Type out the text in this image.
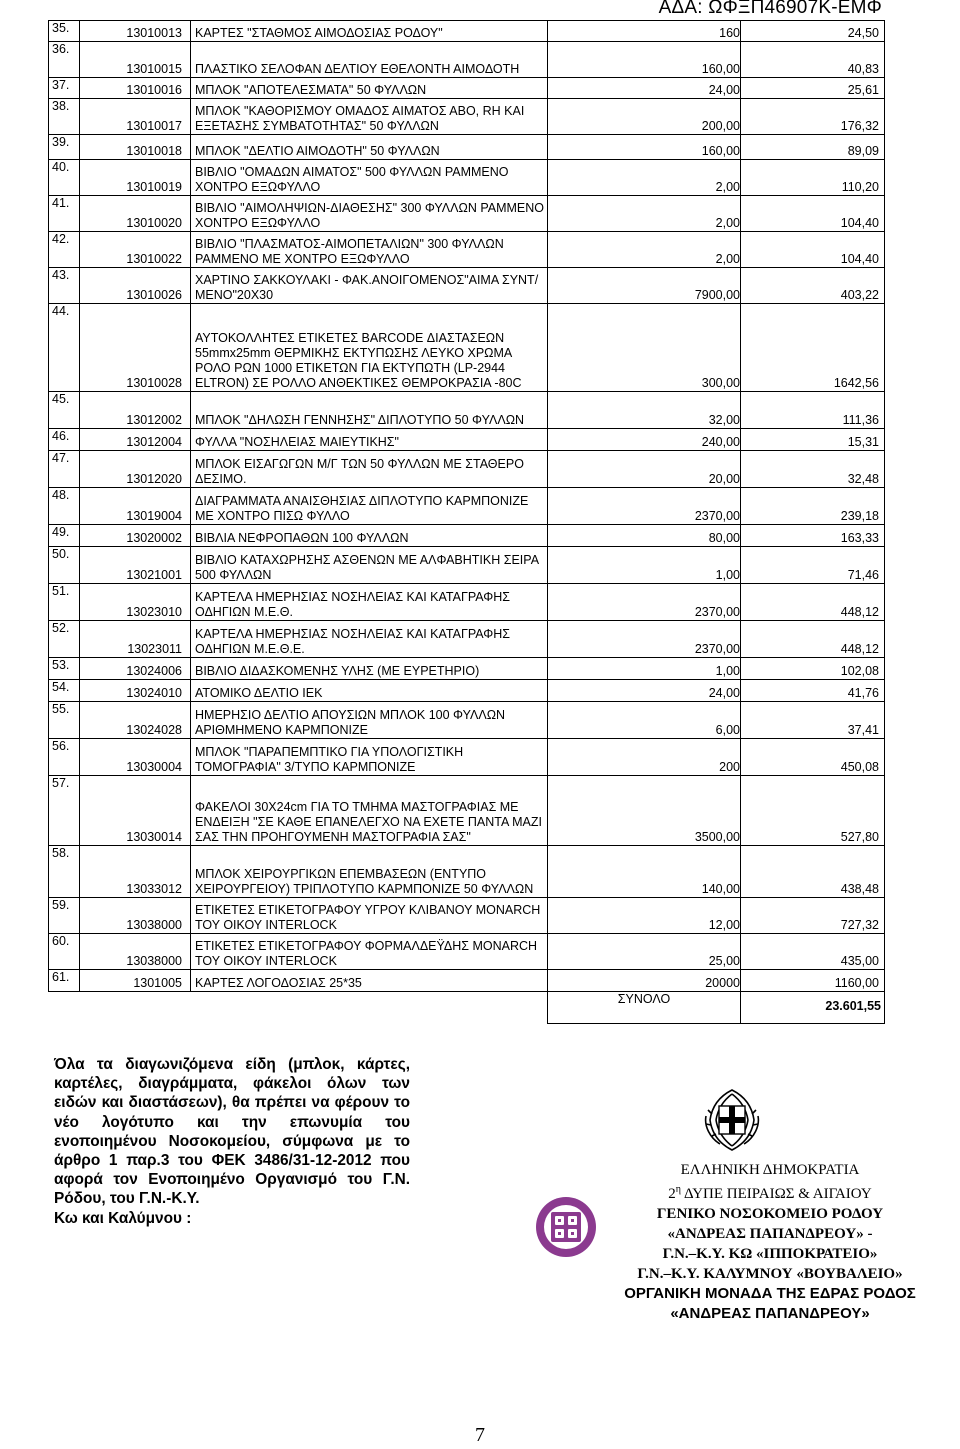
ΑΔΑ: ΩΦΞΠ46907Κ-ΕΜΦ
35.	13010013	ΚΑΡΤΕΣ "ΣΤΑΘΜΟΣ ΑΙΜΟΔΟΣΙΑΣ ΡΟΔΟΥ"	160	24,50
36.	13010015	ΠΛΑΣΤΙΚΟ ΣΕΛΟΦΑΝ ΔΕΛΤΙΟΥ ΕΘΕΛΟΝΤΗ ΑΙΜΟΔΟΤΗ	160,00	40,83
37.	13010016	ΜΠΛΟΚ "ΑΠΟΤΕΛΕΣΜΑΤΑ" 50 ΦΥΛΛΩΝ	24,00	25,61
38.	13010017	ΜΠΛΟΚ "ΚΑΘΟΡΙΣΜΟΥ ΟΜΑΔΟΣ ΑΙΜΑΤΟΣ ΑΒΟ, RH ΚΑΙ ΕΞΕΤΑΣΗΣ ΣΥΜΒΑΤΟΤΗΤΑΣ" 50 ΦΥΛΛΩΝ	200,00	176,32
39.	13010018	ΜΠΛΟΚ "ΔΕΛΤΙΟ ΑΙΜΟΔΟΤΗ" 50 ΦΥΛΛΩΝ	160,00	89,09
40.	13010019	ΒΙΒΛΙΟ "ΟΜΑΔΩΝ ΑΙΜΑΤΟΣ" 500 ΦΥΛΛΩΝ ΡΑΜΜΕΝΟ ΧΟΝΤΡΟ ΕΞΩΦΥΛΛΟ	2,00	110,20
41.	13010020	ΒΙΒΛΙΟ "ΑΙΜΟΛΗΨΙΩΝ-ΔΙΑΘΕΣΗΣ" 300 ΦΥΛΛΩΝ ΡΑΜΜΕΝΟ ΧΟΝΤΡΟ ΕΞΩΦΥΛΛΟ	2,00	104,40
42.	13010022	ΒΙΒΛΙΟ "ΠΛΑΣΜΑΤΟΣ-ΑΙΜΟΠΕΤΑΛΙΩΝ" 300 ΦΥΛΛΩΝ ΡΑΜΜΕΝΟ ΜΕ ΧΟΝΤΡΟ ΕΞΩΦΥΛΛΟ	2,00	104,40
43.	13010026	ΧΑΡΤΙΝΟ ΣΑΚΚΟΥΛΑΚΙ - ΦΑΚ.ΑΝΟΙΓΟΜΕΝΟΣ"ΑΙΜΑ ΣΥΝΤ/ΜΕΝΟ"20Χ30	7900,00	403,22
44.	13010028	ΑΥΤΟΚΟΛΛΗΤΕΣ ΕΤΙΚΕΤΕΣ BARCODE ΔΙΑΣΤΑΣΕΩΝ 55mmx25mm ΘΕΡΜΙΚΗΣ ΕΚΤΥΠΩΣΗΣ ΛΕΥΚΟ ΧΡΩΜΑ ΡΟΛΟ ΡΩΝ 1000 ΕΤΙΚΕΤΩΝ ΓΙΑ ΕΚΤΥΠΩΤΗ (LP-2944 ELTRON) ΣΕ ΡΟΛΛΟ ΑΝΘΕΚΤΙΚΕΣ ΘΕΜΡΟΚΡΑΣΙΑ -80C	300,00	1642,56
45.	13012002	ΜΠΛΟΚ "ΔΗΛΩΣΗ ΓΕΝΝΗΣΗΣ" ΔΙΠΛΟΤΥΠΟ 50 ΦΥΛΛΩΝ	32,00	111,36
46.	13012004	ΦΥΛΛΑ "ΝΟΣΗΛΕΙΑΣ ΜΑΙΕΥΤΙΚΗΣ"	240,00	15,31
47.	13012020	ΜΠΛΟΚ ΕΙΣΑΓΩΓΩΝ Μ/Γ ΤΩΝ 50 ΦΥΛΛΩΝ ΜΕ ΣΤΑΘΕΡΟ ΔΕΣΙΜΟ.	20,00	32,48
48.	13019004	ΔΙΑΓΡΑΜΜΑΤΑ ΑΝΑΙΣΘΗΣΙΑΣ ΔΙΠΛΟΤΥΠΟ ΚΑΡΜΠΟΝΙΖΕ ΜΕ ΧΟΝΤΡΟ ΠΙΣΩ ΦΥΛΛΟ	2370,00	239,18
49.	13020002	ΒΙΒΛΙΑ ΝΕΦΡΟΠΑΘΩΝ 100 ΦΥΛΛΩΝ	80,00	163,33
50.	13021001	ΒΙΒΛΙΟ ΚΑΤΑΧΩΡΗΣΗΣ ΑΣΘΕΝΩΝ ΜΕ ΑΛΦΑΒΗΤΙΚΗ ΣΕΙΡΑ 500 ΦΥΛΛΩΝ	1,00	71,46
51.	13023010	ΚΑΡΤΕΛΑ ΗΜΕΡΗΣΙΑΣ ΝΟΣΗΛΕΙΑΣ ΚΑΙ ΚΑΤΑΓΡΑΦΗΣ ΟΔΗΓΙΩΝ Μ.Ε.Θ.	2370,00	448,12
52.	13023011	ΚΑΡΤΕΛΑ ΗΜΕΡΗΣΙΑΣ ΝΟΣΗΛΕΙΑΣ ΚΑΙ ΚΑΤΑΓΡΑΦΗΣ ΟΔΗΓΙΩΝ Μ.Ε.Θ.Ε.	2370,00	448,12
53.	13024006	ΒΙΒΛΙΟ ΔΙΔΑΣΚΟΜΕΝΗΣ ΥΛΗΣ (ΜΕ ΕΥΡΕΤΗΡΙΟ)	1,00	102,08
54.	13024010	ΑΤΟΜΙΚΟ ΔΕΛΤΙΟ ΙΕΚ	24,00	41,76
55.	13024028	ΗΜΕΡΗΣΙΟ ΔΕΛΤΙΟ ΑΠΟΥΣΙΩΝ ΜΠΛΟΚ 100 ΦΥΛΛΩΝ ΑΡΙΘΜΗΜΕΝΟ ΚΑΡΜΠΟΝΙΖΕ	6,00	37,41
56.	13030004	ΜΠΛΟΚ "ΠΑΡΑΠΕΜΠΤΙΚΟ ΓΙΑ ΥΠΟΛΟΓΙΣΤΙΚΗ ΤΟΜΟΓΡΑΦΙΑ" 3/ΤΥΠΟ ΚΑΡΜΠΟΝΙΖΕ	200	450,08
57.	13030014	ΦΑΚΕΛΟΙ 30Χ24cm ΓΙΑ ΤΟ ΤΜΗΜΑ ΜΑΣΤΟΓΡΑΦΙΑΣ ΜΕ ΕΝΔΕΙΞΗ "ΣΕ ΚΑΘΕ ΕΠΑΝΕΛΕΓΧΟ ΝΑ ΕΧΕΤΕ ΠΑΝΤΑ ΜΑΖΙ ΣΑΣ ΤΗΝ ΠΡΟΗΓΟΥΜΕΝΗ ΜΑΣΤΟΓΡΑΦΙΑ ΣΑΣ"	3500,00	527,80
58.	13033012	ΜΠΛΟΚ ΧΕΙΡΟΥΡΓΙΚΩΝ ΕΠΕΜΒΑΣΕΩΝ (ΕΝΤΥΠΟ ΧΕΙΡΟΥΡΓΕΙΟΥ) ΤΡΙΠΛΟΤΥΠΟ ΚΑΡΜΠΟΝΙΖΕ 50 ΦΥΛΛΩΝ	140,00	438,48
59.	13038000	ΕΤΙΚΕΤΕΣ ΕΤΙΚΕΤΟΓΡΑΦΟΥ ΥΓΡΟΥ ΚΛΙΒΑΝΟΥ MONARCH ΤΟΥ ΟΙΚΟΥ INTERLOCK	12,00	727,32
60.	13038000	ΕΤΙΚΕΤΕΣ ΕΤΙΚΕΤΟΓΡΑΦΟΥ ΦΟΡΜΑΛΔΕΫΔΗΣ MONARCH ΤΟΥ ΟΙΚΟΥ INTERLOCK	25,00	435,00
61.	1301005	ΚΑΡΤΕΣ ΛΟΓΟΔΟΣΙΑΣ 25*35	20000	1160,00
			ΣΥΝΟΛΟ	23.601,55
Όλα τα διαγωνιζόμενα είδη (μπλοκ, κάρτες, καρτέλες, διαγράμματα, φάκελοι όλων των ειδών και διαστάσεων), θα πρέπει να φέρουν το νέο λογότυπο και την επωνυμία του ενοποιημένου Νοσοκομείου, σύμφωνα με το άρθρο 1 παρ.3 του ΦΕΚ 3486/31-12-2012 που αφορά τον Ενοποιημένο Οργανισμό του Γ.Ν. Ρόδου, του Γ.Ν.-Κ.Υ.
Κω και Καλύμνου :
ΕΛΛΗΝΙΚΗ ΔΗΜΟΚΡΑΤΙΑ
$2^\eta$ ΔΥΠΕ ΠΕΙΡΑΙΩΣ & ΑΙΓΑΙΟΥ
ΓΕΝΙΚΟ ΝΟΣΟΚΟΜΕΙΟ ΡΟΔΟΥ
«ΑΝΔΡΕΑΣ ΠΑΠΑΝΔΡΕΟΥ» -
Γ.Ν.–Κ.Υ. ΚΩ «ΙΠΠΟΚΡΑΤΕΙΟ»
Γ.Ν.–Κ.Υ. ΚΑΛΥΜΝΟΥ «ΒΟΥΒΑΛΕΙΟ»
ΟΡΓΑΝΙΚΗ ΜΟΝΑΔΑ ΤΗΣ ΕΔΡΑΣ ΡΟΔΟΣ
«ΑΝΔΡΕΑΣ ΠΑΠΑΝΔΡΕΟΥ»
7
